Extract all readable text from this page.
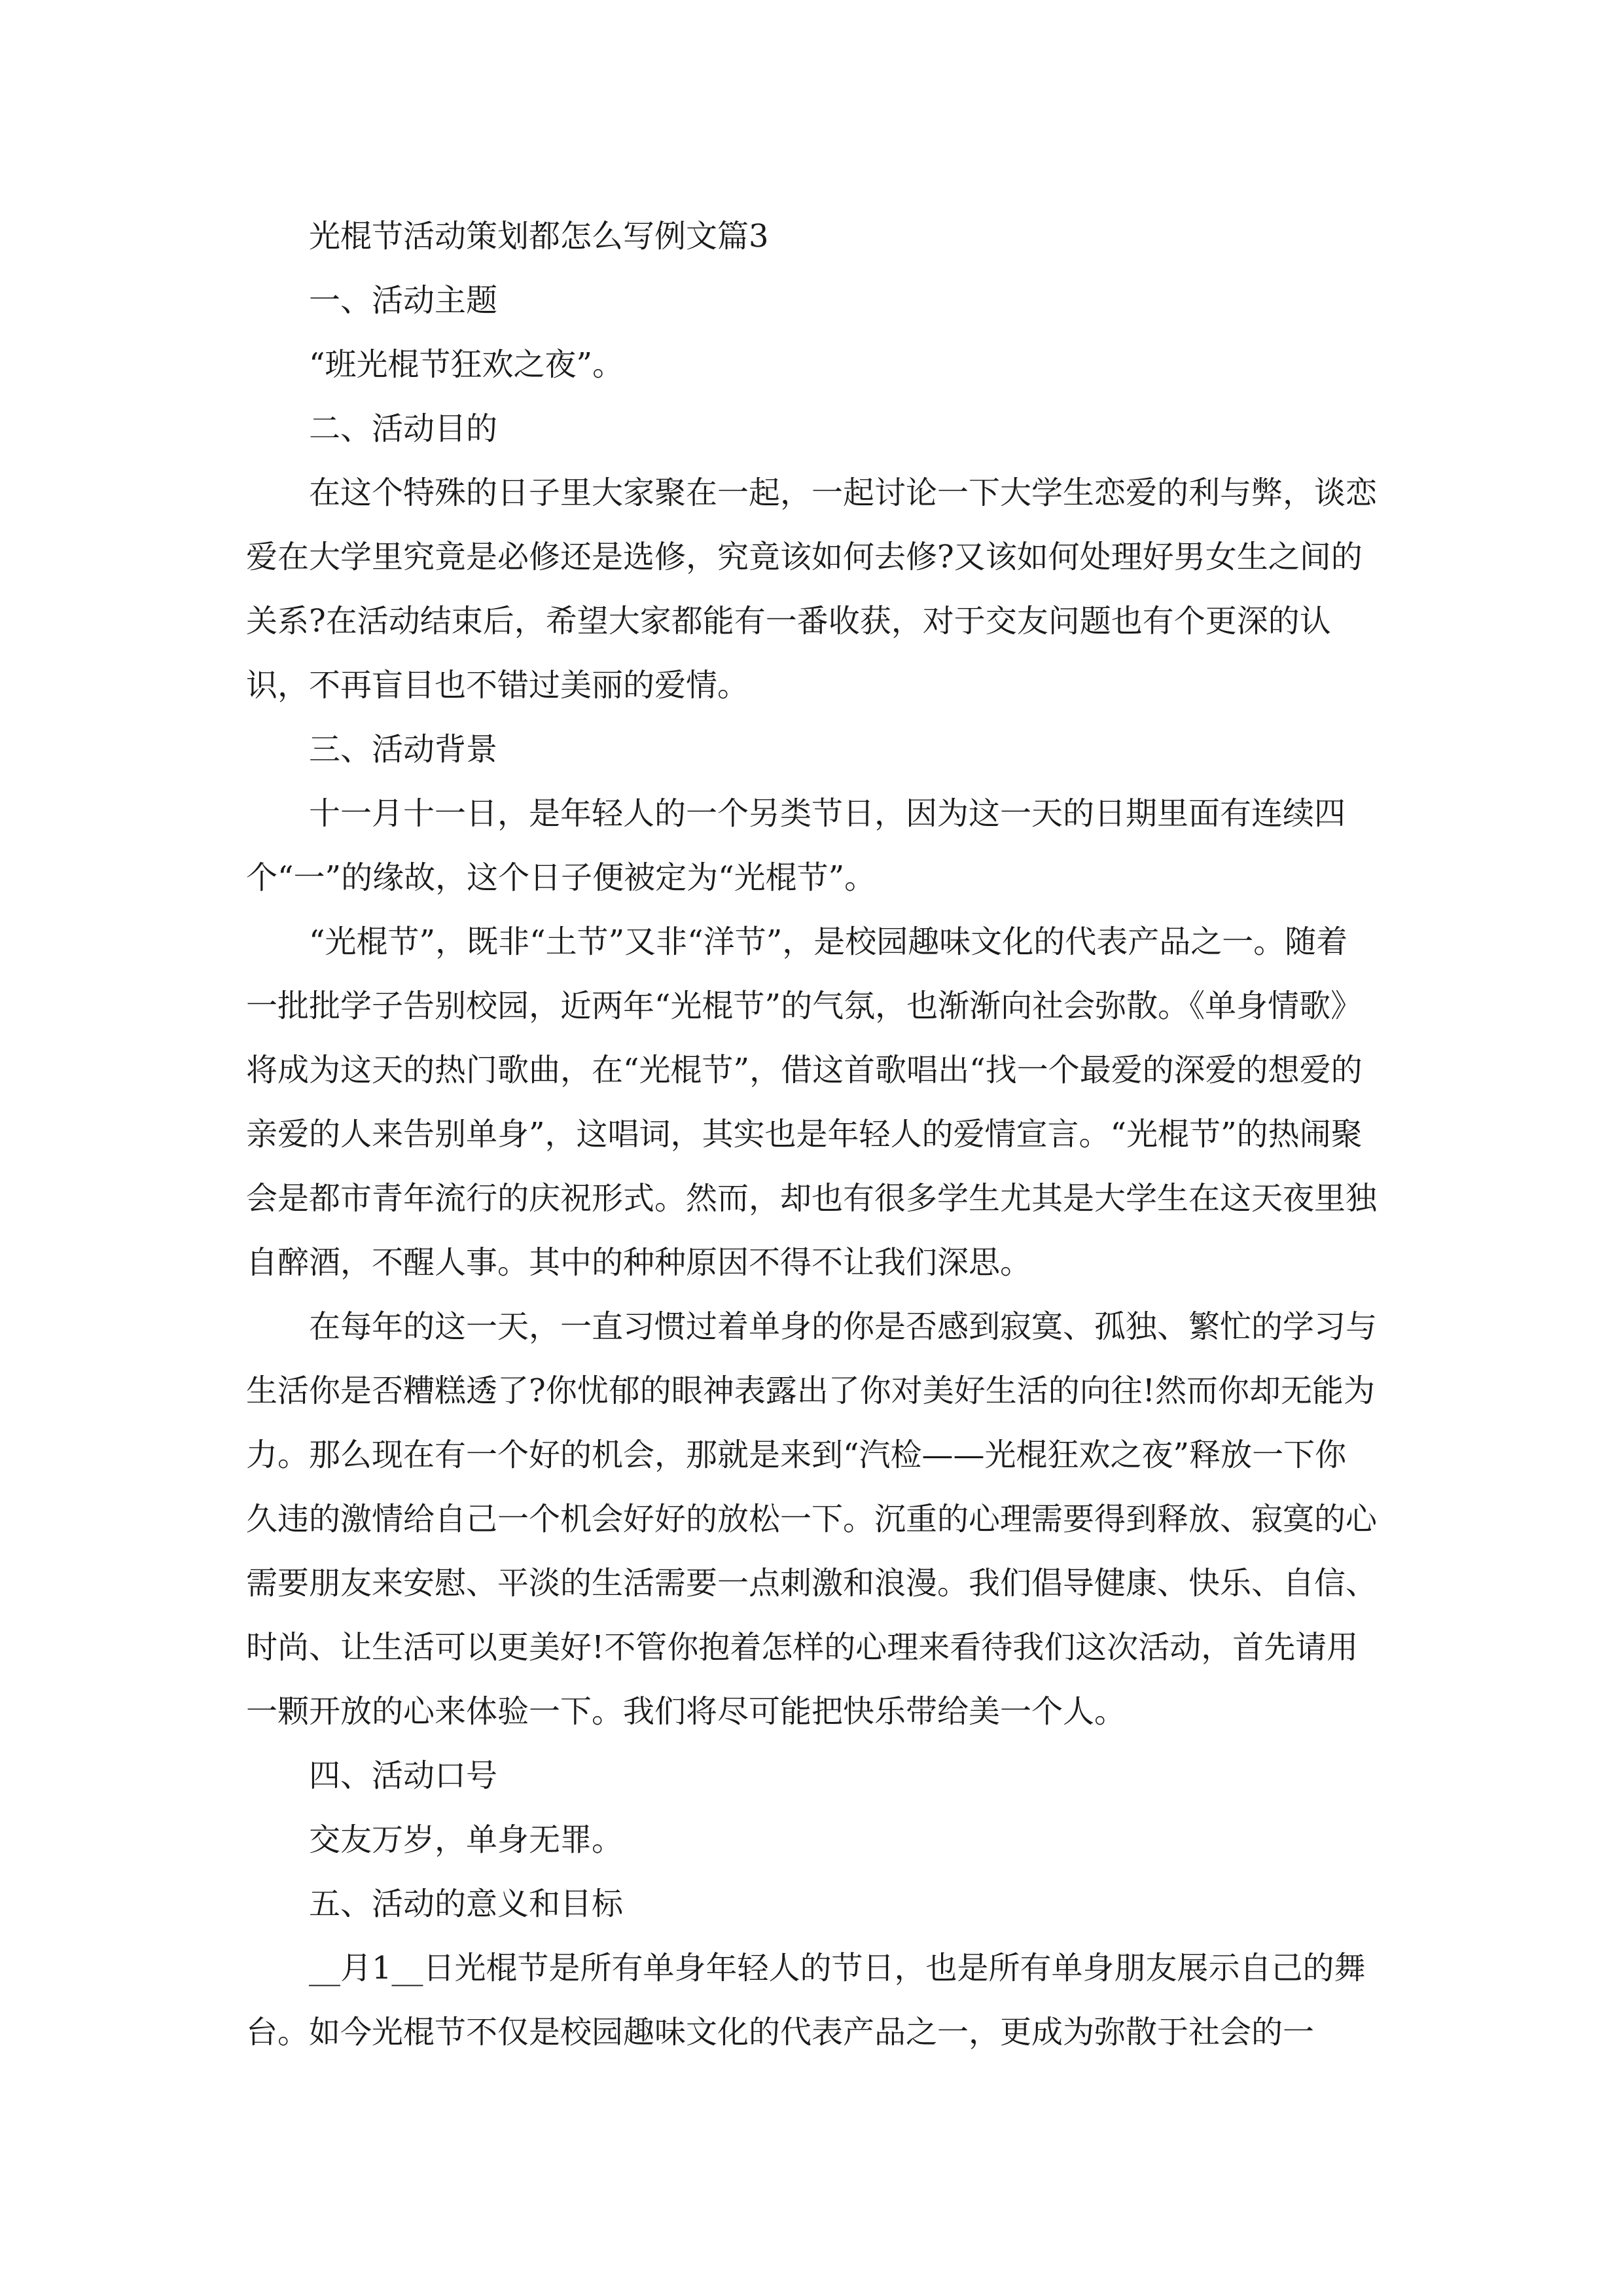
光棍节活动策划都怎么写例文篇3

一、活动主题

“班光棍节狂欢之夜”。

二、活动目的

在这个特殊的日子里大家聚在一起，一起讨论一下大学生恋爱的利与弊，谈恋爱在大学里究竟是必修还是选修，究竟该如何去修?又该如何处理好男女生之间的关系?在活动结束后，希望大家都能有一番收获，对于交友问题也有个更深的认识，不再盲目也不错过美丽的爱情。

三、活动背景

十一月十一日，是年轻人的一个另类节日，因为这一天的日期里面有连续四个“一”的缘故，这个日子便被定为“光棍节”。

“光棍节”，既非“土节”又非“洋节”，是校园趣味文化的代表产品之一。随着一批批学子告别校园，近两年“光棍节”的气氛，也渐渐向社会弥散。《单身情歌》将成为这天的热门歌曲，在“光棍节”，借这首歌唱出“找一个最爱的深爱的想爱的亲爱的人来告别单身”，这唱词，其实也是年轻人的爱情宣言。“光棍节”的热闹聚会是都市青年流行的庆祝形式。然而，却也有很多学生尤其是大学生在这天夜里独自醉酒，不醒人事。其中的种种原因不得不让我们深思。

在每年的这一天，一直习惯过着单身的你是否感到寂寞、孤独、繁忙的学习与生活你是否糟糕透了?你忧郁的眼神表露出了你对美好生活的向往!然而你却无能为力。那么现在有一个好的机会，那就是来到“汽检——光棍狂欢之夜”释放一下你久违的激情给自己一个机会好好的放松一下。沉重的心理需要得到释放、寂寞的心需要朋友来安慰、平淡的生活需要一点刺激和浪漫。我们倡导健康、快乐、自信、时尚、让生活可以更美好!不管你抱着怎样的心理来看待我们这次活动，首先请用一颗开放的心来体验一下。我们将尽可能把快乐带给美一个人。

四、活动口号

交友万岁，单身无罪。

五、活动的意义和目标

__月1__日光棍节是所有单身年轻人的节日，也是所有单身朋友展示自己的舞台。如今光棍节不仅是校园趣味文化的代表产品之一，更成为弥散于社会的一
